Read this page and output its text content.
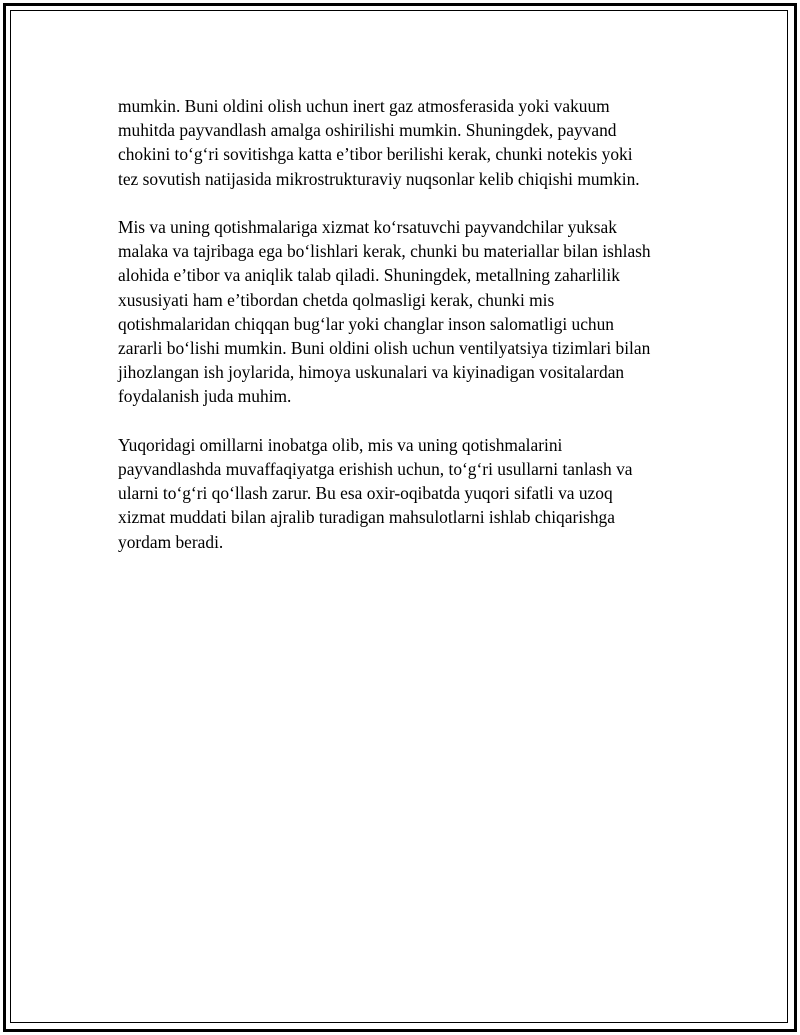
mumkin. Buni oldini olish uchun inert gaz atmosferasida yoki vakuum
muhitda payvandlash amalga oshirilishi mumkin. Shuningdek, payvand
chokini to‘g‘ri sovitishga katta e’tibor berilishi kerak, chunki notekis yoki
tez sovutish natijasida mikrostrukturaviy nuqsonlar kelib chiqishi mumkin.

Mis va uning qotishmalariga xizmat ko‘rsatuvchi payvandchilar yuksak
malaka va tajribaga ega bo‘lishlari kerak, chunki bu materiallar bilan ishlash
alohida e’tibor va aniqlik talab qiladi. Shuningdek, metallning zaharlilik
xususiyati ham e’tibordan chetda qolmasligi kerak, chunki mis
qotishmalaridan chiqqan bug‘lar yoki changlar inson salomatligi uchun
zararli bo‘lishi mumkin. Buni oldini olish uchun ventilyatsiya tizimlari bilan
jihozlangan ish joylarida, himoya uskunalari va kiyinadigan vositalardan
foydalanish juda muhim.

Yuqoridagi omillarni inobatga olib, mis va uning qotishmalarini
payvandlashda muvaffaqiyatga erishish uchun, to‘g‘ri usullarni tanlash va
ularni to‘g‘ri qo‘llash zarur. Bu esa oxir-oqibatda yuqori sifatli va uzoq
xizmat muddati bilan ajralib turadigan mahsulotlarni ishlab chiqarishga
yordam beradi.
